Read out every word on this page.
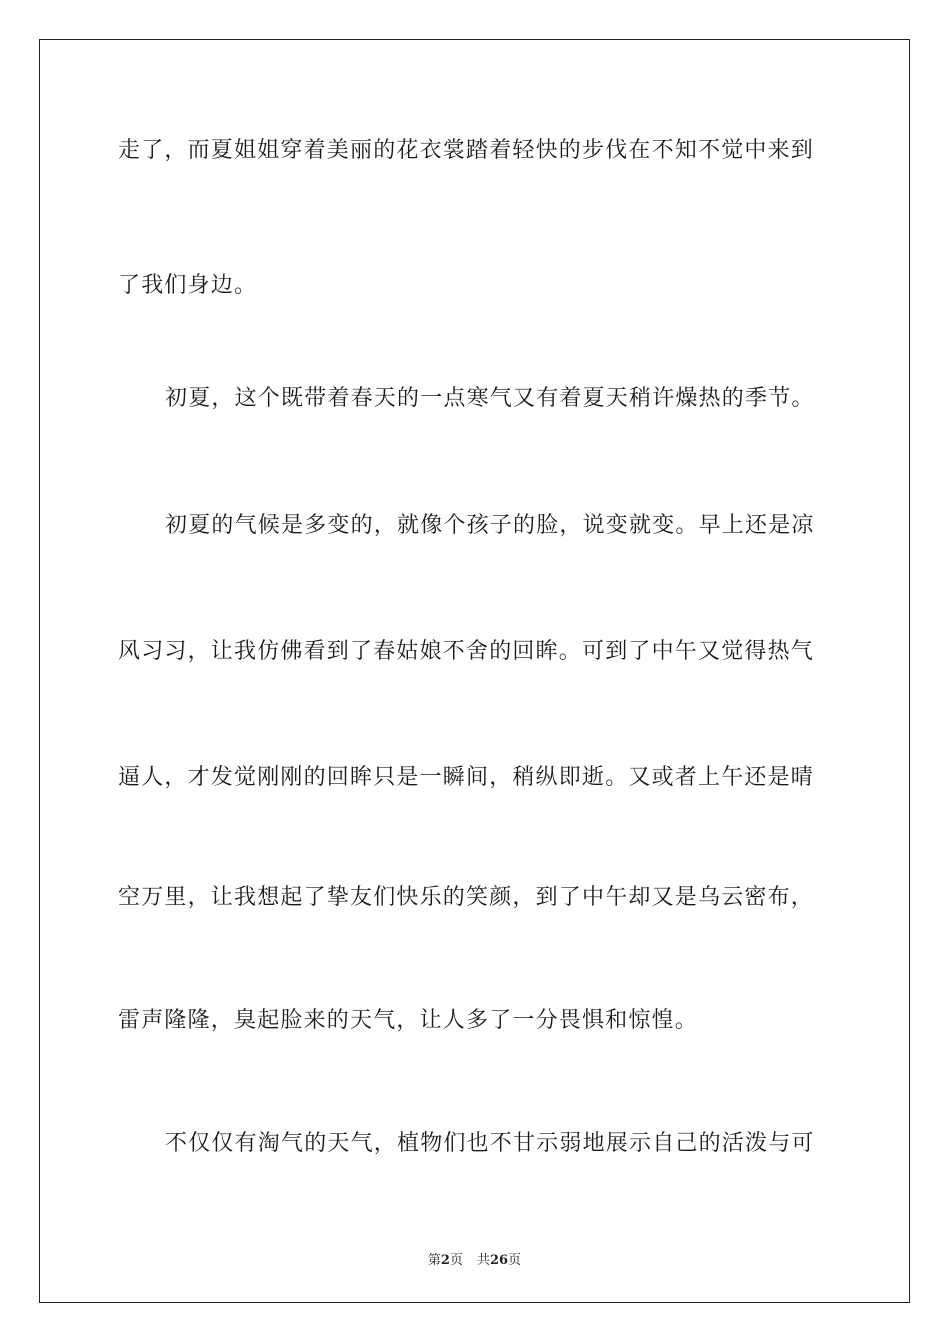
走了，而夏姐姐穿着美丽的花衣裳踏着轻快的步伐在不知不觉中来到
了我们身边。
初夏，这个既带着春天的一点寒气又有着夏天稍许燥热的季节。
初夏的气候是多变的，就像个孩子的脸，说变就变。早上还是凉
风习习，让我仿佛看到了春姑娘不舍的回眸。可到了中午又觉得热气
逼人，才发觉刚刚的回眸只是一瞬间，稍纵即逝。又或者上午还是晴
空万里，让我想起了挚友们快乐的笑颜，到了中午却又是乌云密布，
雷声隆隆，臭起脸来的天气，让人多了一分畏惧和惊惶。
不仅仅有淘气的天气，植物们也不甘示弱地展示自己的活泼与可
第2页 共26页
